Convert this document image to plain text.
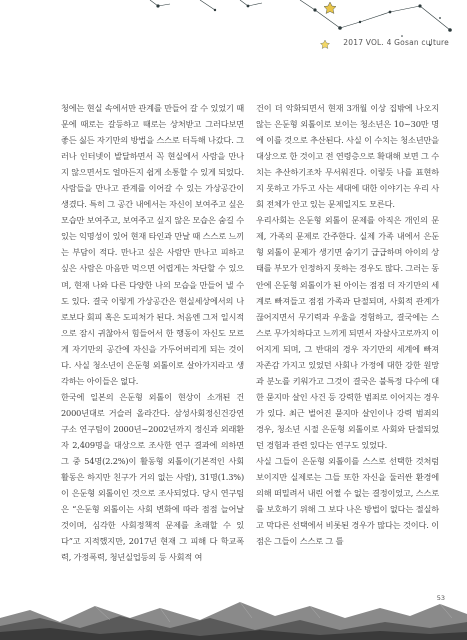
2017 VOL. 4 Gosan culture

청에는 현실 속에서만 관계를 만들어 갈 수 있었기 때문에 때로는 갈등하고 때로는 상처받고 그러다보면 좋든 싫든 자기만의 방법을 스스로 터득해 나갔다. 그러나 인터넷이 발달하면서 꼭 현실에서 사람을 만나지 않으면서도 얼마든지 쉽게 소통할 수 있게 되었다. 사람들을 만나고 관계를 이어갈 수 있는 가상공간이 생겼다. 특히 그 공간 내에서는 자신이 보여주고 싶은 모습만 보여주고, 보여주고 싶지 않은 모습은 숨길 수 있는 익명성이 있어 현재 타인과 만날 때 스스로 느끼는 부담이 적다. 만나고 싶은 사람만 만나고 피하고 싶은 사람은 마음만 먹으면 어렵게는 차단할 수 있으며, 현재 나와 다른 다양한 나의 모습을 만들어 낼 수도 있다. 결국 이렇게 가상공간은 현실세상에서의 나로보다 회피 혹은 도피처가 된다. 처음엔 그저 일시적으로 잠시 귀찮아서 힘들어서 한 행동이 자신도 모르게 자기만의 공간에 자신을 가두어버리게 되는 것이다. 사실 청소년이 은둔형 외톨이로 살아가지라고 생각하는 아이들은 없다.

한국에 일본의 은둔형 외톨이 현상이 소개된 건 2000년대로 거슬러 올라간다. 삼성사회정신건강연구소 연구팀이 2000년~2002년까지 정신과 외래환자 2,409명을 대상으로 조사한 연구 결과에 의하면 그 중 54명(2.2%)이 활동형 외톨이(기본적인 사회활동은 하지만 친구가 거의 없는 사람), 31명(1.3%)이 은둔형 외톨이인 것으로 조사되었다. 당시 연구팀은 “은둔형 외톨이는 사회 변화에 따라 점점 늘어날 것이며, 심각한 사회정책적 문제를 초래할 수 있다”고 지적했지만, 2017년 현재 그 피해 다 학교폭력, 가정폭력, 청년실업등의 등 사회적 여

건이 더 악화되면서 현재 3개월 이상 집밖에 나오지 않는 은둔형 외톨이로 보이는 청소년은 10~30만 명에 이를 것으로 추산된다. 사실 이 수치는 청소년만을 대상으로 한 것이고 전 연령층으로 확대해 보면 그 수치는 추산하기조차 무서워진다. 이렇듯 나를 표현하지 못하고 가두고 사는 세대에 대한 이야기는 우리 사회 전체가 안고 있는 문제일지도 모른다.

우리사회는 은둔형 외톨이 문제를 아직은 개인의 문제, 가족의 문제로 간주한다. 실제 가족 내에서 은둔형 외톨이 문제가 생기면 숨기기 급급하며 아이의 상태를 부모가 인정하지 못하는 경우도 많다. 그러는 동안에 은둔형 외톨이가 된 아이는 점점 더 자기만의 세계로 빠져들고 점점 가족과 단절되며, 사회적 관계가 끊어지면서 무기력과 우울을 경험하고, 결국에는 스스로 무가치하다고 느끼게 되면서 자살사고로까지 이어지게 되며, 그 반대의 경우 자기만의 세계에 빠져 자존감 가지고 있었던 사회나 가정에 대한 강한 원망과 분노를 키워가고 그것이 결국은 불특정 다수에 대한 묻지마 살인 사건 등 강력한 범죄로 이어지는 경우가 있다. 최근 벌어진 묻지마 살인이나 강력 범죄의 경우, 청소년 시절 은둔형 외톨이로 사회와 단절되었던 경험과 관련 있다는 연구도 있었다.

사실 그들이 은둔형 외톨이를 스스로 선택한 것처럼 보이지만 실제로는 그들 또한 자신을 둘러싼 환경에 의해 떠밀려서 내린 어쩔 수 없는 결정이었고, 스스로를 보호하기 위해 그 보다 나은 방법이 없다는 절실하고 막다른 선택에서 비롯된 경우가 많다는 것이다. 이 점은 그들이 스스로 그 틀

53
